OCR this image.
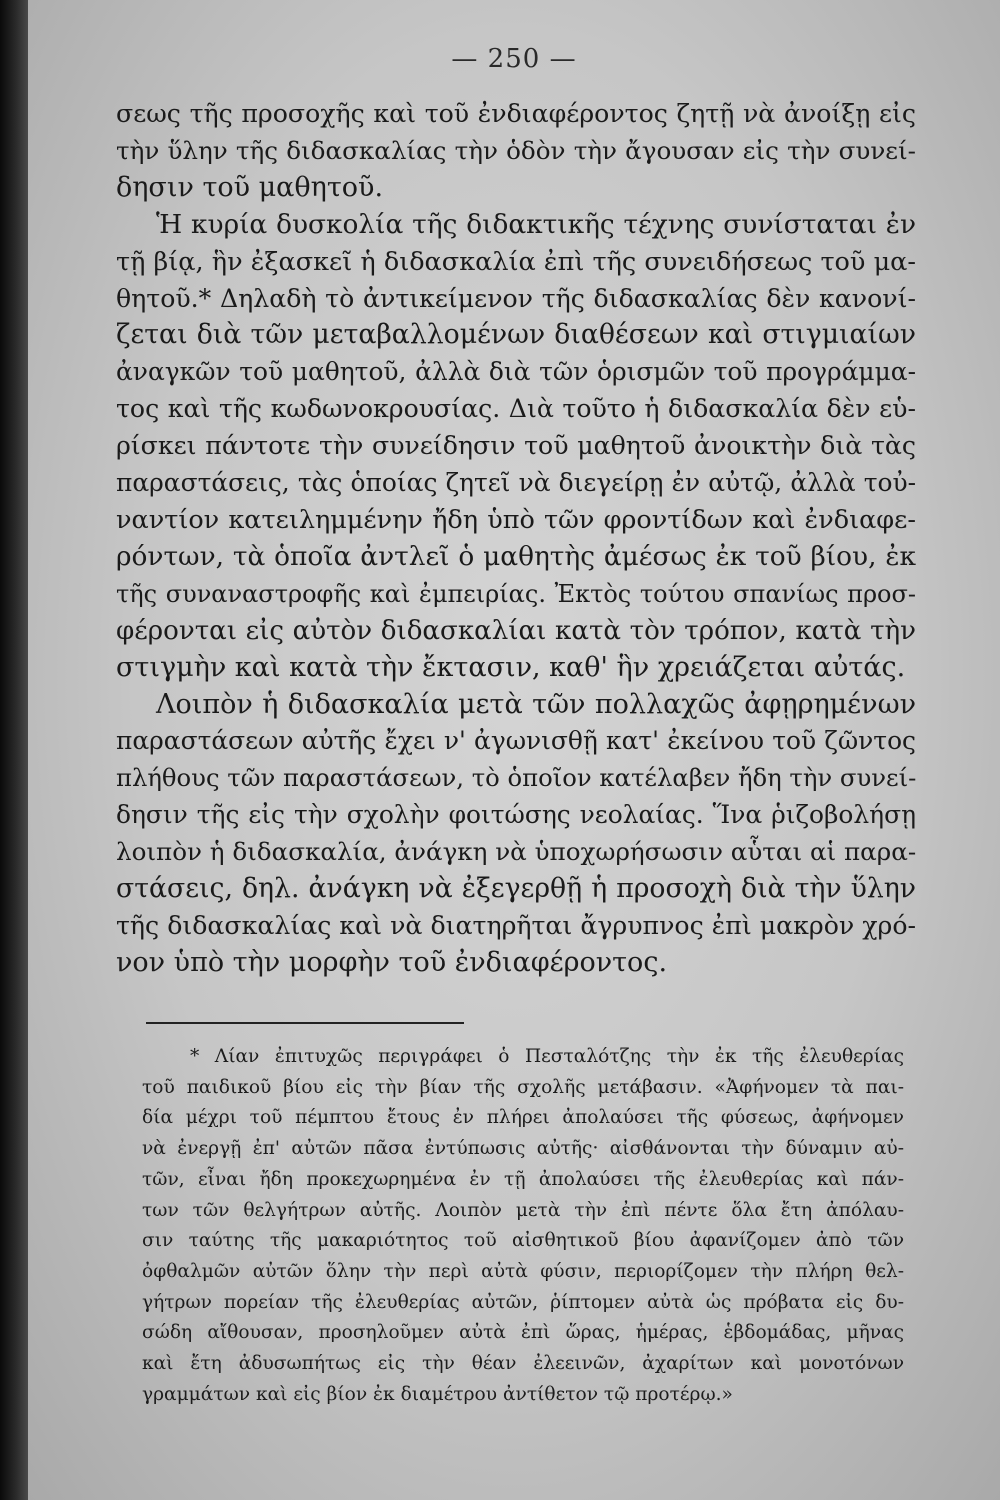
— 250 —
σεως τῆς προσοχῆς καὶ τοῦ ἐνδιαφέροντος ζητῇ νὰ ἀνοίξῃ εἰς
τὴν ὕλην τῆς διδασκαλίας τὴν ὁδὸν τὴν ἄγουσαν εἰς τὴν συνεί-
δησιν τοῦ μαθητοῦ.
Ἡ κυρία δυσκολία τῆς διδακτικῆς τέχνης συνίσταται ἐν
τῇ βίᾳ, ἣν ἐξασκεῖ ἡ διδασκαλία ἐπὶ τῆς συνειδήσεως τοῦ μα-
θητοῦ.* Δηλαδὴ τὸ ἀντικείμενον τῆς διδασκαλίας δὲν κανονί-
ζεται διὰ τῶν μεταβαλλομένων διαθέσεων καὶ στιγμιαίων
ἀναγκῶν τοῦ μαθητοῦ, ἀλλὰ διὰ τῶν ὁρισμῶν τοῦ προγράμμα-
τος καὶ τῆς κωδωνοκρουσίας. Διὰ τοῦτο ἡ διδασκαλία δὲν εὑ-
ρίσκει πάντοτε τὴν συνείδησιν τοῦ μαθητοῦ ἀνοικτὴν διὰ τὰς
παραστάσεις, τὰς ὁποίας ζητεῖ νὰ διεγείρῃ ἐν αὐτῷ, ἀλλὰ τοὐ-
ναντίον κατειλημμένην ἤδη ὑπὸ τῶν φροντίδων καὶ ἐνδιαφε-
ρόντων, τὰ ὁποῖα ἀντλεῖ ὁ μαθητὴς ἀμέσως ἐκ τοῦ βίου, ἐκ
τῆς συναναστροφῆς καὶ ἐμπειρίας. Ἐκτὸς τούτου σπανίως προσ-
φέρονται εἰς αὐτὸν διδασκαλίαι κατὰ τὸν τρόπον, κατὰ τὴν
στιγμὴν καὶ κατὰ τὴν ἔκτασιν, καθ' ἣν χρειάζεται αὐτάς.
Λοιπὸν ἡ διδασκαλία μετὰ τῶν πολλαχῶς ἀφῃρημένων
παραστάσεων αὐτῆς ἔχει ν' ἀγωνισθῇ κατ' ἐκείνου τοῦ ζῶντος
πλήθους τῶν παραστάσεων, τὸ ὁποῖον κατέλαβεν ἤδη τὴν συνεί-
δησιν τῆς εἰς τὴν σχολὴν φοιτώσης νεολαίας. Ἵνα ῥιζοβολήσῃ
λοιπὸν ἡ διδασκαλία, ἀνάγκη νὰ ὑποχωρήσωσιν αὗται αἱ παρα-
στάσεις, δηλ. ἀνάγκη νὰ ἐξεγερθῇ ἡ προσοχὴ διὰ τὴν ὕλην
τῆς διδασκαλίας καὶ νὰ διατηρῆται ἄγρυπνος ἐπὶ μακρὸν χρό-
νον ὑπὸ τὴν μορφὴν τοῦ ἐνδιαφέροντος.
* Λίαν ἐπιτυχῶς περιγράφει ὁ Πεσταλότζης τὴν ἐκ τῆς ἐλευθερίας
τοῦ παιδικοῦ βίου εἰς τὴν βίαν τῆς σχολῆς μετάβασιν. «Ἀφήνομεν τὰ παι-
δία μέχρι τοῦ πέμπτου ἔτους ἐν πλήρει ἀπολαύσει τῆς φύσεως, ἀφήνομεν
νὰ ἐνεργῇ ἐπ' αὐτῶν πᾶσα ἐντύπωσις αὐτῆς· αἰσθάνονται τὴν δύναμιν αὐ-
τῶν, εἶναι ἤδη προκεχωρημένα ἐν τῇ ἀπολαύσει τῆς ἐλευθερίας καὶ πάν-
των τῶν θελγήτρων αὐτῆς. Λοιπὸν μετὰ τὴν ἐπὶ πέντε ὅλα ἔτη ἀπόλαυ-
σιν ταύτης τῆς μακαριότητος τοῦ αἰσθητικοῦ βίου ἀφανίζομεν ἀπὸ τῶν
ὀφθαλμῶν αὐτῶν ὅλην τὴν περὶ αὐτὰ φύσιν, περιορίζομεν τὴν πλήρη θελ-
γήτρων πορείαν τῆς ἐλευθερίας αὐτῶν, ῥίπτομεν αὐτὰ ὡς πρόβατα εἰς δυ-
σώδη αἴθουσαν, προσηλοῦμεν αὐτὰ ἐπὶ ὥρας, ἡμέρας, ἑβδομάδας, μῆνας
καὶ ἔτη ἀδυσωπήτως εἰς τὴν θέαν ἐλεεινῶν, ἀχαρίτων καὶ μονοτόνων
γραμμάτων καὶ εἰς βίον ἐκ διαμέτρου ἀντίθετον τῷ προτέρῳ.»
